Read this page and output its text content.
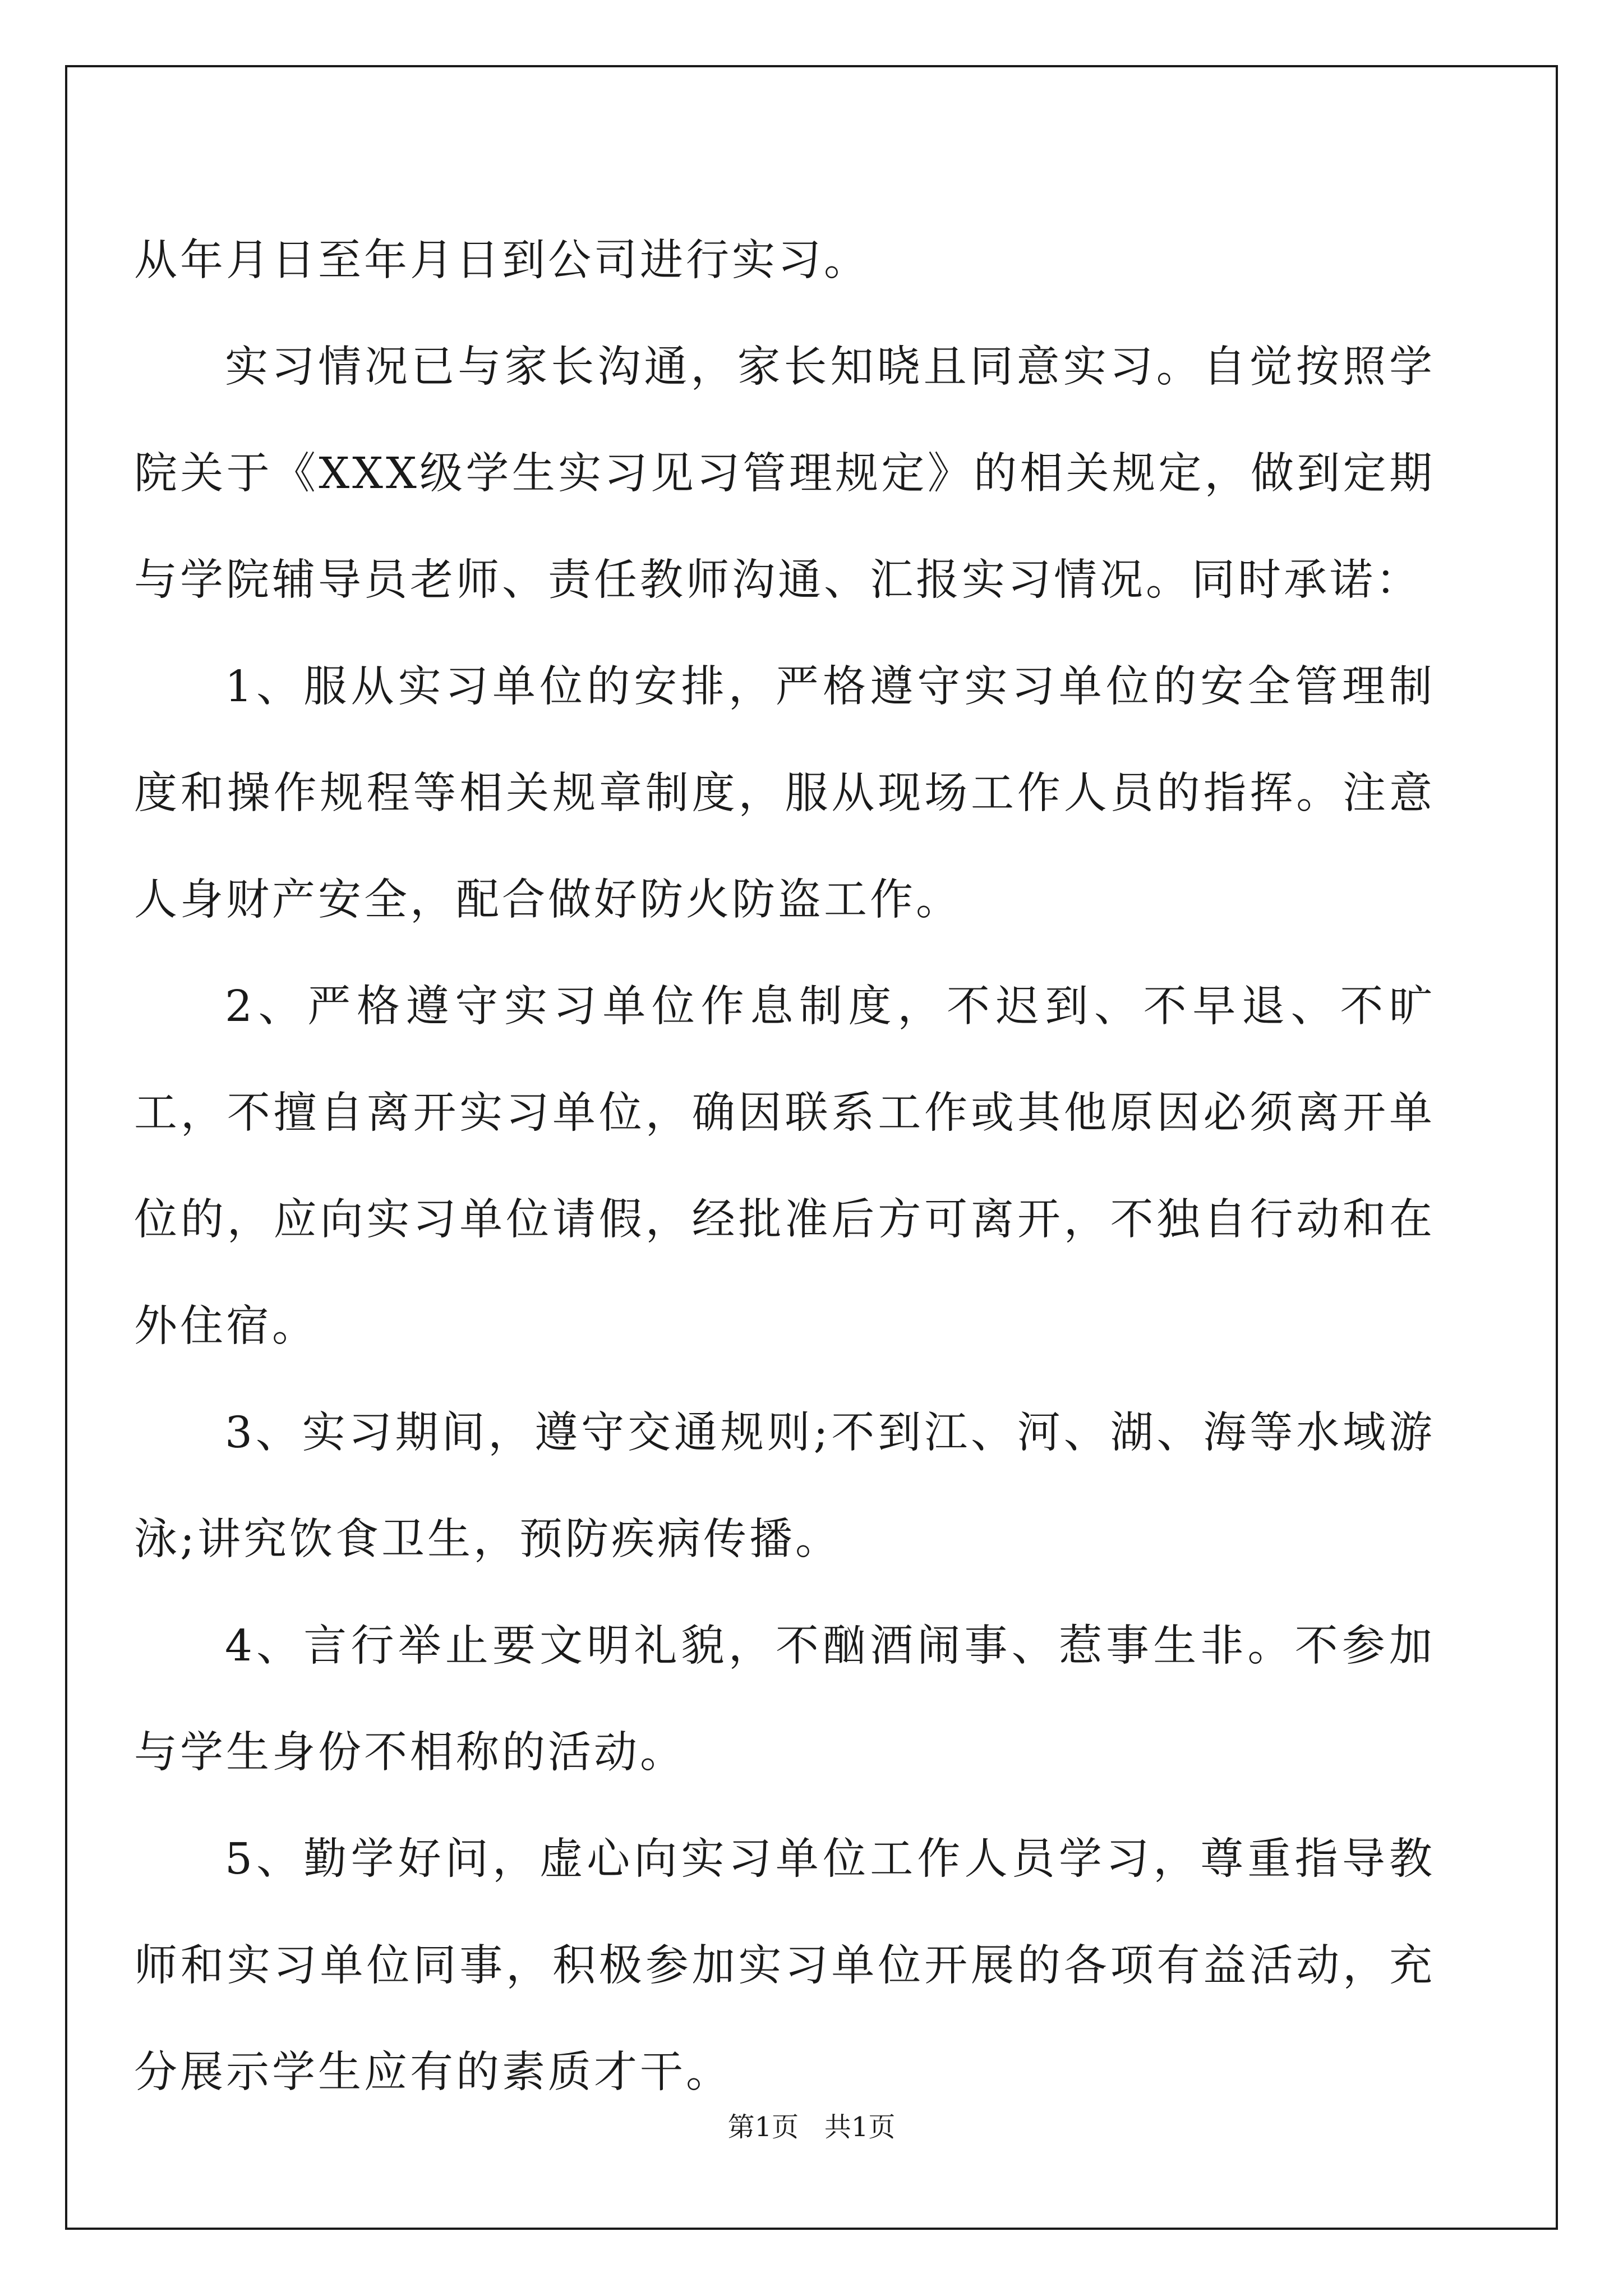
从年月日至年月日到公司进行实习。

实习情况已与家长沟通，家长知晓且同意实习。自觉按照学院关于《XXX级学生实习见习管理规定》的相关规定，做到定期与学院辅导员老师、责任教师沟通、汇报实习情况。同时承诺：

1、服从实习单位的安排，严格遵守实习单位的安全管理制度和操作规程等相关规章制度，服从现场工作人员的指挥。注意人身财产安全，配合做好防火防盗工作。

2、严格遵守实习单位作息制度，不迟到、不早退、不旷工，不擅自离开实习单位，确因联系工作或其他原因必须离开单位的，应向实习单位请假，经批准后方可离开，不独自行动和在外住宿。

3、实习期间，遵守交通规则;不到江、河、湖、海等水域游泳;讲究饮食卫生，预防疾病传播。

4、言行举止要文明礼貌，不酗酒闹事、惹事生非。不参加与学生身份不相称的活动。

5、勤学好问，虚心向实习单位工作人员学习，尊重指导教师和实习单位同事，积极参加实习单位开展的各项有益活动，充分展示学生应有的素质才干。

第1页 共1页
